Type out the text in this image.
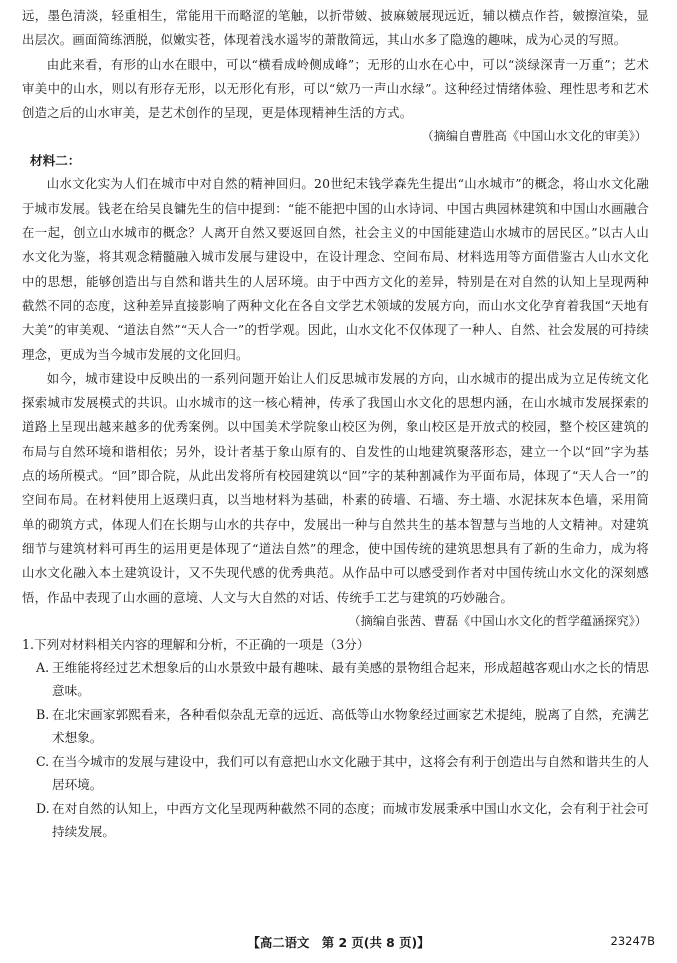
远，墨色清淡，轻重相生，常能用干而略涩的笔触，以折带皴、披麻皴展现远近，辅以横点作苔，皴擦渲染，显出层次。画面简练洒脱，似嫩实苍，体现着浅水遥岑的萧散简远，其山水多了隐逸的趣味，成为心灵的写照。

由此来看，有形的山水在眼中，可以“横看成岭侧成峰”；无形的山水在心中，可以“淡绿深青一万重”；艺术审美中的山水，则以有形存无形，以无形化有形，可以“欸乃一声山水绿”。这种经过情绪体验、理性思考和艺术创造之后的山水审美，是艺术创作的呈现，更是体现精神生活的方式。

（摘编自曹胜高《中国山水文化的审美》）

材料二：

山水文化实为人们在城市中对自然的精神回归。20世纪末钱学森先生提出“山水城市”的概念，将山水文化融于城市发展。钱老在给吴良镛先生的信中提到：“能不能把中国的山水诗词、中国古典园林建筑和中国山水画融合在一起，创立山水城市的概念？人离开自然又要返回自然，社会主义的中国能建造山水城市的居民区。”以古人山水文化为鉴，将其观念精髓融入城市发展与建设中，在设计理念、空间布局、材料选用等方面借鉴古人山水文化中的思想，能够创造出与自然和谐共生的人居环境。由于中西方文化的差异，特别是在对自然的认知上呈现两种截然不同的态度，这种差异直接影响了两种文化在各自文学艺术领域的发展方向，而山水文化孕育着我国“天地有大美”的审美观、“道法自然”“天人合一”的哲学观。因此，山水文化不仅体现了一种人、自然、社会发展的可持续理念，更成为当今城市发展的文化回归。

如今，城市建设中反映出的一系列问题开始让人们反思城市发展的方向，山水城市的提出成为立足传统文化探索城市发展模式的共识。山水城市的这一核心精神，传承了我国山水文化的思想内涵，在山水城市发展探索的道路上呈现出越来越多的优秀案例。以中国美术学院象山校区为例，象山校区是开放式的校园，整个校区建筑的布局与自然环境和谐相依；另外，设计者基于象山原有的、自发性的山地建筑聚落形态，建立一个以“回”字为基点的场所模式。“回”即合院，从此出发将所有校园建筑以“回”字的某种割减作为平面布局，体现了“天人合一”的空间布局。在材料使用上返璞归真，以当地材料为基础，朴素的砖墙、石墙、夯土墙、水泥抹灰本色墙，采用简单的砌筑方式，体现人们在长期与山水的共存中，发展出一种与自然共生的基本智慧与当地的人文精神。对建筑细节与建筑材料可再生的运用更是体现了“道法自然”的理念，使中国传统的建筑思想具有了新的生命力，成为将山水文化融入本土建筑设计，又不失现代感的优秀典范。从作品中可以感受到作者对中国传统山水文化的深刻感悟，作品中表现了山水画的意境、人文与大自然的对话、传统手工艺与建筑的巧妙融合。

（摘编自张茜、曹磊《中国山水文化的哲学蕴涵探究》）

1.下列对材料相关内容的理解和分析，不正确的一项是（3分）

A. 王维能将经过艺术想象后的山水景致中最有趣味、最有美感的景物组合起来，形成超越客观山水之长的情思意味。
B. 在北宋画家郭熙看来，各种看似杂乱无章的远近、高低等山水物象经过画家艺术提纯，脱离了自然，充满艺术想象。
C. 在当今城市的发展与建设中，我们可以有意把山水文化融于其中，这将会有利于创造出与自然和谐共生的人居环境。
D. 在对自然的认知上，中西方文化呈现两种截然不同的态度；而城市发展秉承中国山水文化，会有利于社会可持续发展。
【高二语文　第 2 页(共 8 页)】	23247B
